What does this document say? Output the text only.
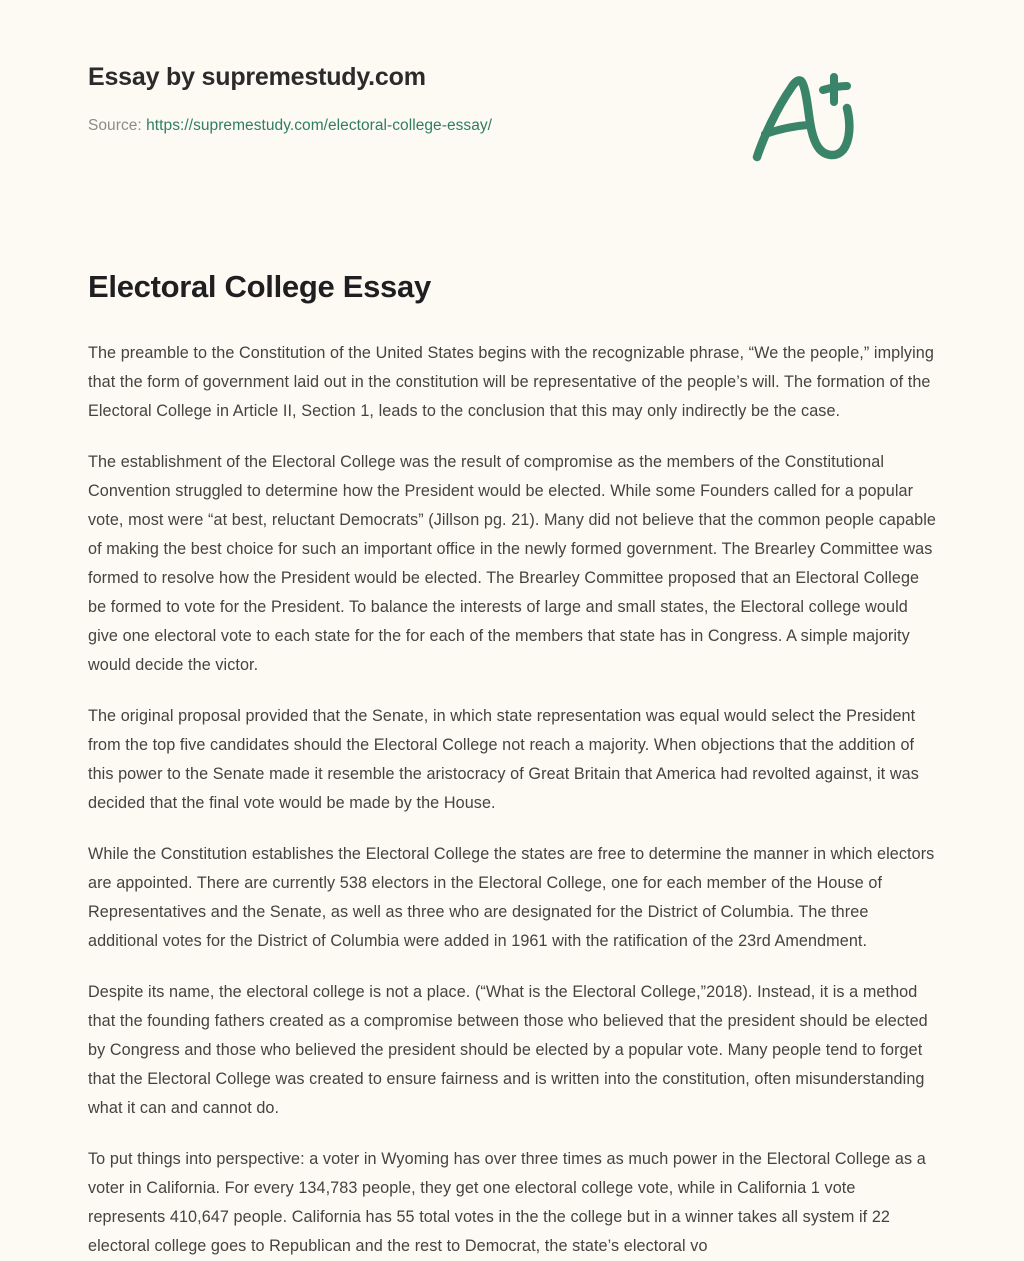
Essay by supremestudy.com
Source: https://supremestudy.com/electoral-college-essay/
Electoral College Essay

The preamble to the Constitution of the United States begins with the recognizable phrase, “We the people,” implying that the form of government laid out in the constitution will be representative of the people’s will. The formation of the Electoral College in Article II, Section 1, leads to the conclusion that this may only indirectly be the case.

The establishment of the Electoral College was the result of compromise as the members of the Constitutional Convention struggled to determine how the President would be elected. While some Founders called for a popular vote, most were “at best, reluctant Democrats” (Jillson pg. 21). Many did not believe that the common people capable of making the best choice for such an important office in the newly formed government. The Brearley Committee was formed to resolve how the President would be elected. The Brearley Committee proposed that an Electoral College be formed to vote for the President. To balance the interests of large and small states, the Electoral college would give one electoral vote to each state for the for each of the members that state has in Congress. A simple majority would decide the victor.

The original proposal provided that the Senate, in which state representation was equal would select the President from the top five candidates should the Electoral College not reach a majority. When objections that the addition of this power to the Senate made it resemble the aristocracy of Great Britain that America had revolted against, it was decided that the final vote would be made by the House.

While the Constitution establishes the Electoral College the states are free to determine the manner in which electors are appointed. There are currently 538 electors in the Electoral College, one for each member of the House of Representatives and the Senate, as well as three who are designated for the District of Columbia. The three additional votes for the District of Columbia were added in 1961 with the ratification of the 23rd Amendment.

Despite its name, the electoral college is not a place. (“What is the Electoral College,”2018). Instead, it is a method that the founding fathers created as a compromise between those who believed that the president should be elected by Congress and those who believed the president should be elected by a popular vote. Many people tend to forget that the Electoral College was created to ensure fairness and is written into the constitution, often misunderstanding what it can and cannot do.

To put things into perspective: a voter in Wyoming has over three times as much power in the Electoral College as a voter in California. For every 134,783 people, they get one electoral college vote, while in California 1 vote represents 410,647 people. California has 55 total votes in the the college but in a winner takes all system if 22 electoral college goes to Republican and the rest to Democrat, the state’s electoral vo
